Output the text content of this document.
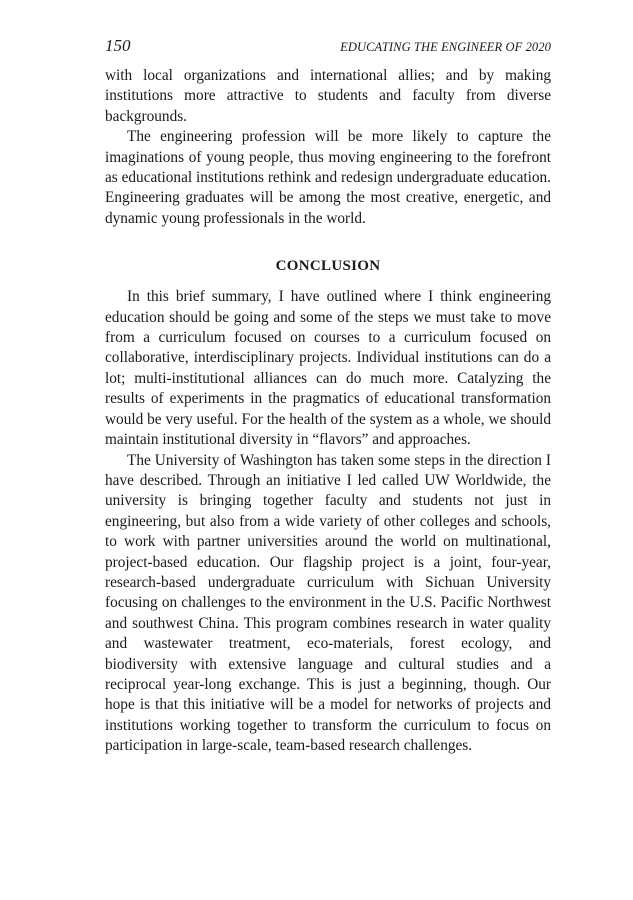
150	EDUCATING THE ENGINEER OF 2020

with local organizations and international allies; and by making institutions more attractive to students and faculty from diverse backgrounds.

The engineering profession will be more likely to capture the imaginations of young people, thus moving engineering to the forefront as educational institutions rethink and redesign undergraduate education. Engineering graduates will be among the most creative, energetic, and dynamic young professionals in the world.

CONCLUSION

In this brief summary, I have outlined where I think engineering education should be going and some of the steps we must take to move from a curriculum focused on courses to a curriculum focused on collaborative, interdisciplinary projects. Individual institutions can do a lot; multi-institutional alliances can do much more. Catalyzing the results of experiments in the pragmatics of educational transformation would be very useful. For the health of the system as a whole, we should maintain institutional diversity in “flavors” and approaches.

The University of Washington has taken some steps in the direction I have described. Through an initiative I led called UW Worldwide, the university is bringing together faculty and students not just in engineering, but also from a wide variety of other colleges and schools, to work with partner universities around the world on multinational, project-based education. Our flagship project is a joint, four-year, research-based undergraduate curriculum with Sichuan University focusing on challenges to the environment in the U.S. Pacific Northwest and southwest China. This program combines research in water quality and wastewater treatment, eco-materials, forest ecology, and biodiversity with extensive language and cultural studies and a reciprocal year-long exchange. This is just a beginning, though. Our hope is that this initiative will be a model for networks of projects and institutions working together to transform the curriculum to focus on participation in large-scale, team-based research challenges.
